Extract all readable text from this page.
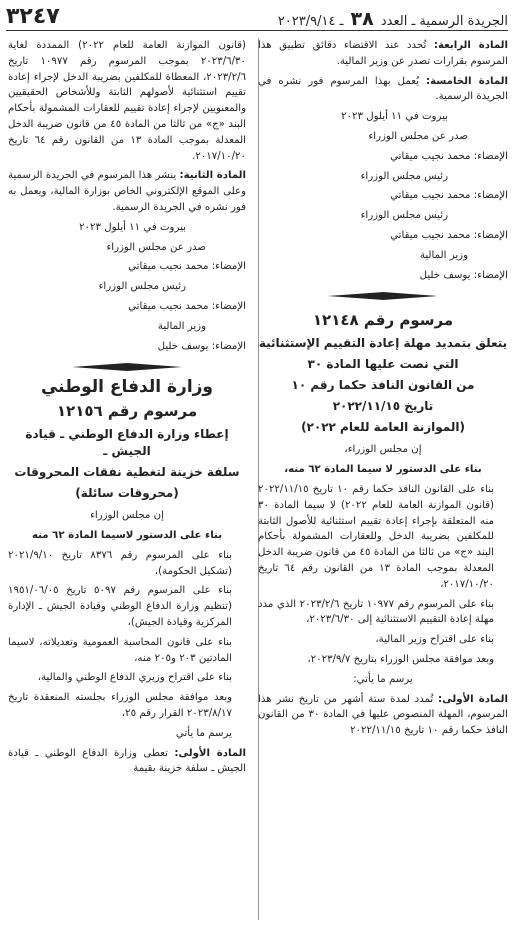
الجريدة الرسمية ـ العدد ٣٨ ـ ٢٠٢٣/٩/١٤
٣٢٤٧

المادة الرابعة: تُحدد عند الاقتضاء دقائق تطبيق هذا المرسوم بقرارات تصدر عن وزير المالية.

المادة الخامسة: يُعمل بهذا المرسوم فور نشره في الجريدة الرسمية.

بيروت في ١١ أيلول ٢٠٢٣

صدر عن مجلس الوزراء

الإمضاء: محمد نجيب ميقاتي

رئيس مجلس الوزراء

الإمضاء: محمد نجيب ميقاتي

رئيس مجلس الوزراء

الإمضاء: محمد نجيب ميقاتي

وزير المالية

الإمضاء: يوسف خليل

مرسوم رقم ١٢١٤٨

يتعلق بتمديد مهلة إعادة التقييم الإستثنائية

التي نصت عليها المادة ٣٠

من القانون النافذ حكما رقم ١٠

تاريخ ٢٠٢٢/١١/١٥

(الموازنة العامة للعام ٢٠٢٢)

إن مجلس الوزراء،

بناء على الدستور لا سيما المادة ٦٢ منه،

بناء على القانون النافذ حكما رقم ١٠ تاريخ ٢٠٢٢/١١/١٥ (قانون الموازنة العامة للعام ٢٠٢٢) لا سيما المادة ٣٠ منه المتعلقة بإجراء إعادة تقييم استثنائية للأصول الثابتة للمكلفين بضريبة الدخل وللعقارات المشمولة بأحكام البند «ج» من ثالثا من المادة ٤٥ من قانون ضريبة الدخل المعدلة بموجب المادة ١٣ من القانون رقم ٦٤ تاريخ ٢٠١٧/١٠/٢٠،

بناء على المرسوم رقم ١٠٩٧٧ تاريخ ٢٠٢٣/٢/٦ الذي مدد مهلة إعادة التقييم الاستثنائية إلى ٢٠٢٣/٦/٣٠،

بناء على اقتراح وزير المالية،

وبعد موافقة مجلس الوزراء بتاريخ ٢٠٢٣/٩/٧،

يرسم ما يأتي:

المادة الأولى: تُمدد لمدة ستة أشهر من تاريخ نشر هذا المرسوم، المهلة المنصوص عليها في المادة ٣٠ من القانون النافذ حكما رقم ١٠ تاريخ ٢٠٢٢/١١/١٥

(قانون الموازنة العامة للعام ٢٠٢٢) الممددة لغاية ٢٠٢٣/٦/٣٠ بموجب المرسوم رقم ١٠٩٧٧ تاريخ ٢٠٢٣/٢/٦، المعطاة للمكلفين بضريبة الدخل لإجراء إعادة تقييم استثنائية لأصولهم الثابتة وللأشخاص الحقيقيين والمعنويين لإجراء إعادة تقييم للعقارات المشمولة بأحكام البند «ج» من ثالثا من المادة ٤٥ من قانون ضريبة الدخل المعدلة بموجب المادة ١٣ من القانون رقم ٦٤ تاريخ ٢٠١٧/١٠/٢٠.

المادة الثانية: ينشر هذا المرسوم في الجريدة الرسمية وعلى الموقع الإلكتروني الخاص بوزارة المالية، ويعمل به فور نشره في الجريدة الرسمية.

بيروت في ١١ أيلول ٢٠٢٣

صدر عن مجلس الوزراء

الإمضاء: محمد نجيب ميقاتي

رئيس مجلس الوزراء

الإمضاء: محمد نجيب ميقاتي

وزير المالية

الإمضاء: يوسف خليل

وزارة الدفاع الوطني

مرسوم رقم ١٢١٥٦

إعطاء وزارة الدفاع الوطني ـ قيادة الجيش ـ

سلفة خزينة لتغطية نفقات المحروقات

(محروقات سائلة)

إن مجلس الوزراء

بناء على الدستور لاسيما المادة ٦٢ منه

بناء على المرسوم رقم ٨٣٧٦ تاريخ ٢٠٢١/٩/١٠ (تشكيل الحكومة)،

بناء على المرسوم رقم ٥٠٩٧ تاريخ ١٩٥١/٠٦/٠٥ (تنظيم وزارة الدفاع الوطني وقيادة الجيش ـ الإدارة المركزية وقيادة الجيش)،

بناء على قانون المحاسبة العمومية وتعديلاته، لاسيما المادتين ٢٠٣ و٢٠٥ منه،

بناء على اقتراح وزيري الدفاع الوطني والمالية،

وبعد موافقة مجلس الوزراء بجلسته المنعقدة تاريخ ٢٠٢٣/٨/١٧ القرار رقم ٢٥،

يرسم ما يأتي

المادة الأولى: تعطى وزارة الدفاع الوطني ـ قيادة الجيش ـ سلفة خزينة بقيمة
